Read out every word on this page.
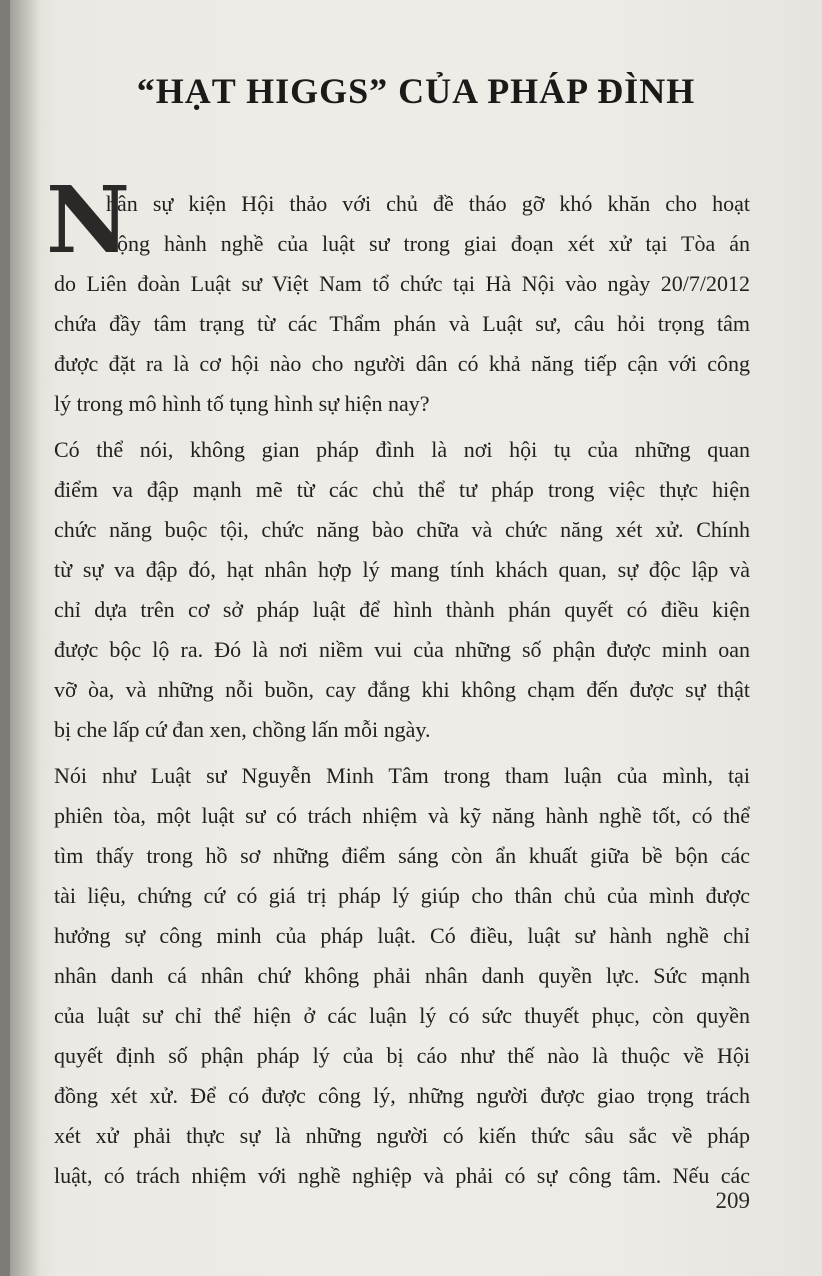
“HẠT HIGGS” CỦA PHÁP ĐÌNH
N
hân sự kiện Hội thảo với chủ đề tháo gỡ khó khăn cho hoạt
động hành nghề của luật sư trong giai đoạn xét xử tại Tòa án
do Liên đoàn Luật sư Việt Nam tổ chức tại Hà Nội vào ngày 20/7/2012
chứa đầy tâm trạng từ các Thẩm phán và Luật sư, câu hỏi trọng tâm
được đặt ra là cơ hội nào cho người dân có khả năng tiếp cận với công
lý trong mô hình tố tụng hình sự hiện nay?
Có thể nói, không gian pháp đình là nơi hội tụ của những quan
điểm va đập mạnh mẽ từ các chủ thể tư pháp trong việc thực hiện
chức năng buộc tội, chức năng bào chữa và chức năng xét xử. Chính
từ sự va đập đó, hạt nhân hợp lý mang tính khách quan, sự độc lập và
chỉ dựa trên cơ sở pháp luật để hình thành phán quyết có điều kiện
được bộc lộ ra. Đó là nơi niềm vui của những số phận được minh oan
vỡ òa, và những nỗi buồn, cay đắng khi không chạm đến được sự thật
bị che lấp cứ đan xen, chồng lấn mỗi ngày.
Nói như Luật sư Nguyễn Minh Tâm trong tham luận của mình, tại
phiên tòa, một luật sư có trách nhiệm và kỹ năng hành nghề tốt, có thể
tìm thấy trong hồ sơ những điểm sáng còn ẩn khuất giữa bề bộn các
tài liệu, chứng cứ có giá trị pháp lý giúp cho thân chủ của mình được
hưởng sự công minh của pháp luật. Có điều, luật sư hành nghề chỉ
nhân danh cá nhân chứ không phải nhân danh quyền lực. Sức mạnh
của luật sư chỉ thể hiện ở các luận lý có sức thuyết phục, còn quyền
quyết định số phận pháp lý của bị cáo như thế nào là thuộc về Hội
đồng xét xử. Để có được công lý, những người được giao trọng trách
xét xử phải thực sự là những người có kiến thức sâu sắc về pháp
luật, có trách nhiệm với nghề nghiệp và phải có sự công tâm. Nếu các
209
